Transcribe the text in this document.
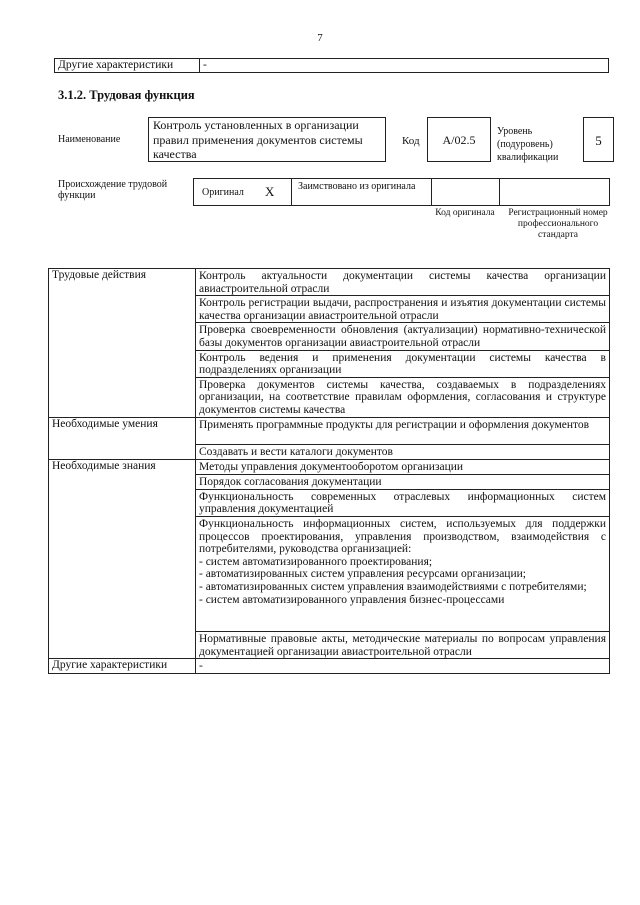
7
Другие характеристики	-
3.1.2. Трудовая функция
Наименование
Контроль установленных в организации правил применения документов системы качества
Код	A/02.5
Уровень (подуровень) квалификации
5
Происхождение трудовой функции	Оригинал X Заимствовано из оригинала
Код оригинала	Регистрационный номер профессионального стандарта
Трудовые действия	Контроль актуальности документации системы качества организации авиастроительной отрасли
	Контроль регистрации выдачи, распространения и изъятия документации системы качества организации авиастроительной отрасли
	Проверка своевременности обновления (актуализации) нормативно-технической базы документов организации авиастроительной отрасли
	Контроль ведения и применения документации системы качества в подразделениях организации
	Проверка документов системы качества, создаваемых в подразделениях организации, на соответствие правилам оформления, согласования и структуре документов системы качества
Необходимые умения	Применять программные продукты для регистрации и оформления документов
	Создавать и вести каталоги документов
Необходимые знания	Методы управления документооборотом организации
	Порядок согласования документации
	Функциональность современных отраслевых информационных систем управления документацией

	Функциональность информационных систем, используемых для поддержки процессов проектирования, управления производством, взаимодействия с потребителями, руководства организацией:
- систем автоматизированного проектирования;
- автоматизированных систем управления ресурсами организации;
- автоматизированных систем управления взаимодействиями с потребителями;
- систем автоматизированного управления бизнес-процессами

	Нормативные правовые акты, методические материалы по вопросам управления документацией организации авиастроительной отрасли
Другие характеристики	-
